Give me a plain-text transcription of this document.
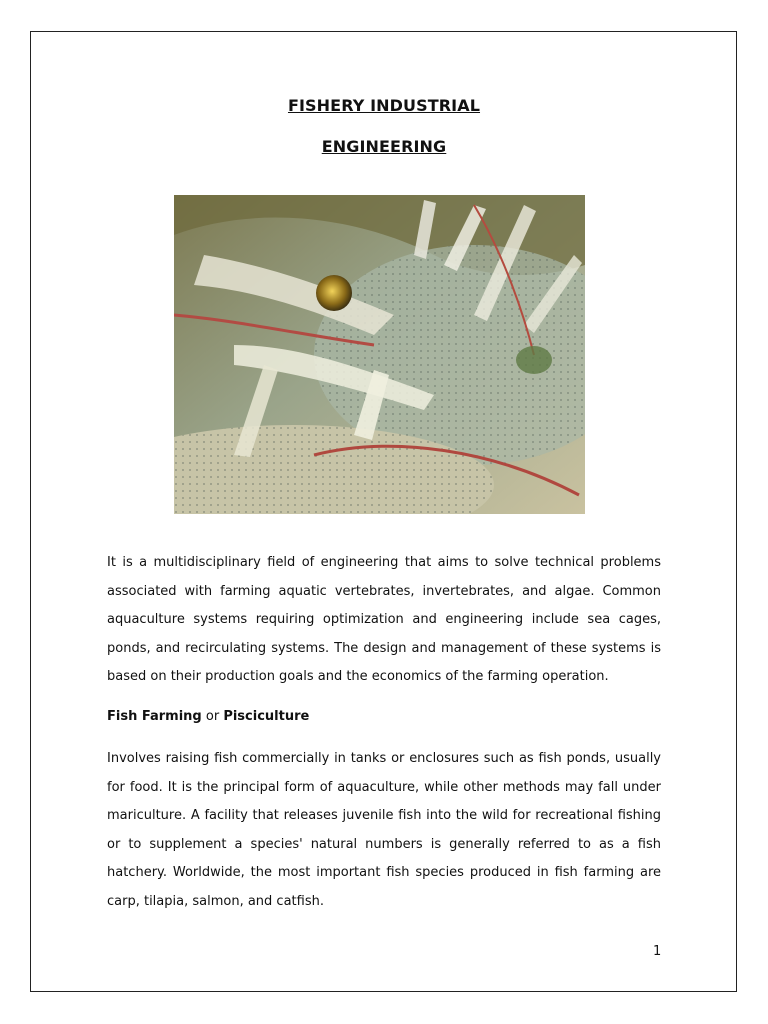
FISHERY INDUSTRIAL
ENGINEERING

It is a multidisciplinary field of engineering that aims to solve technical problems associated with farming aquatic vertebrates, invertebrates, and algae. Common aquaculture systems requiring optimization and engineering include sea cages, ponds, and recirculating systems. The design and management of these systems is based on their production goals and the economics of the farming operation.

Fish Farming or Pisciculture

Involves raising fish commercially in tanks or enclosures such as fish ponds, usually for food. It is the principal form of aquaculture, while other methods may fall under mariculture. A facility that releases juvenile fish into the wild for recreational fishing or to supplement a species' natural numbers is generally referred to as a fish hatchery. Worldwide, the most important fish species produced in fish farming are carp, tilapia, salmon, and catfish.

1
